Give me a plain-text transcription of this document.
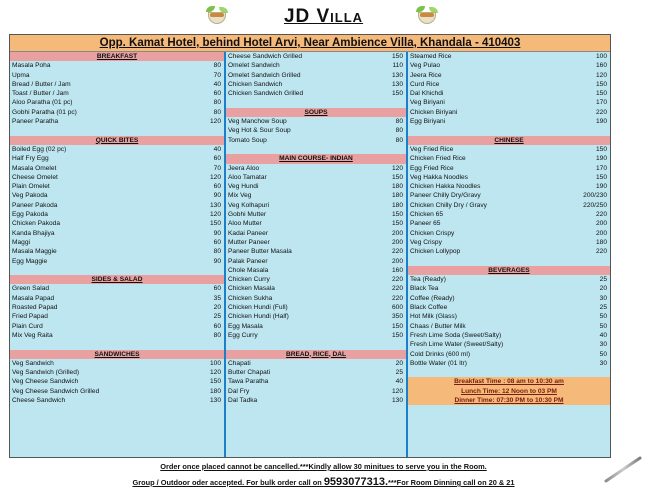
JD Villa
Opp. Kamat Hotel, behind Hotel Arvi, Near Ambience Villa, Khandala - 410403
BREAKFAST
Masala Poha	80
Upma	70
Bread / Butter / Jam	40
Toast / Butter / Jam	60
Aloo Paratha (01 pc)	80
Gobhi Paratha (01 pc)	80
Paneer Paratha	120
QUICK BITES
Boiled Egg (02 pc)	40
Half Fry Egg	60
Masala Omelet	70
Cheese Omelet	120
Plain Omelet	60
Veg Pakoda	90
Paneer Pakoda	130
Egg Pakoda	120
Chicken Pakoda	150
Kanda Bhajiya	90
Maggi	60
Masala Maggie	80
Egg Maggie	90
SIDES & SALAD
Green Salad	60
Masala Papad	35
Roasted Papad	20
Fried Papad	25
Plain Curd	60
Mix Veg Raita	80
SANDWICHES
Veg Sandwich	100
Veg Sandwich (Grilled)	120
Veg Cheese Sandwich	150
Veg Cheese Sandwich Grilled	180
Cheese Sandwich	130
Cheese Sandwich Grilled	150
Omelet Sandwich	110
Omelet Sandwich Grilled	130
Chicken Sandwich	130
Chicken Sandwich Grilled	150
SOUPS
Veg Manchow Soup	80
Veg Hot & Sour Soup	80
Tomato Soup	80
MAIN COURSE- INDIAN
Jeera Aloo	120
Aloo Tamatar	150
Veg Hundi	180
Mix Veg	180
Veg Kolhapuri	180
Gobhi Mutter	150
Aloo Mutter	150
Kadai Paneer	200
Mutter Paneer	200
Paneer Butter Masala	220
Palak Paneer	200
Chole Masala	160
Chicken Curry	220
Chicken Masala	220
Chicken Sukha	220
Chicken Hundi (Full)	600
Chicken Hundi (Half)	350
Egg Masala	150
Egg Curry	150
BREAD, RICE, DAL
Chapati	20
Butter Chapati	25
Tawa Paratha	40
Dal Fry	120
Dal Tadka	130
Steamed Rice	100
Veg Pulao	160
Jeera Rice	120
Curd Rice	150
Dal Khichdi	150
Veg Biriyani	170
Chicken Biriyani	220
Egg Biriyani	190
CHINESE
Veg Fried Rice	150
Chicken Fried Rice	190
Egg Fried Rice	170
Veg Hakka Noodles	150
Chicken Hakka Noodles	190
Paneer Chilly Dry/Gravy	200/230
Chicken Chilly Dry / Gravy	220/250
Chicken 65	220
Paneer 65	200
Chicken Crispy	200
Veg Crispy	180
Chicken Lollypop	220
BEVERAGES
Tea (Ready)	25
Black Tea	20
Coffee (Ready)	30
Black Coffee	25
Hot Milk (Glass)	50
Chaas / Butter Milk	50
Fresh Lime Soda (Sweet/Salty)	40
Fresh Lime Water (Sweet/Salty)	30
Cold Drinks (600 ml)	50
Bottle Water (01 ltr)	30
Breakfast Time : 08 am to 10:30 am
Lunch Time: 12 Noon to 03 PM
Dinner Time: 07:30 PM to 10:30 PM
Order once placed cannot be cancelled.***Kindly allow 30 minitues to serve you in the Room.
Group / Outdoor oder accepted. For bulk order call on 9593077313.***For Room Dinning call on 20 & 21
